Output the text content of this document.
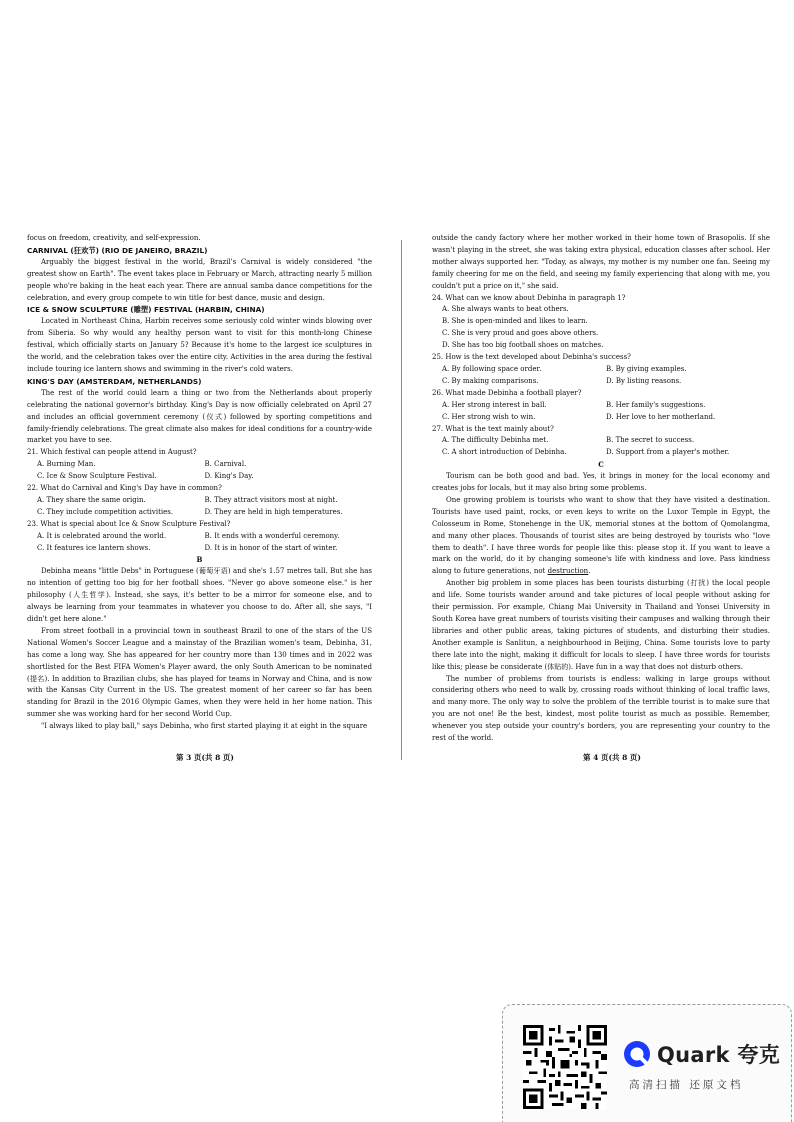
focus on freedom, creativity, and self-expression.

CARNIVAL (狂欢节) (RIO DE JANEIRO, BRAZIL)

Arguably the biggest festival in the world, Brazil's Carnival is widely considered "the greatest show on Earth". The event takes place in February or March, attracting nearly 5 million people who're baking in the heat each year. There are annual samba dance competitions for the celebration, and every group compete to win title for best dance, music and design.

ICE & SNOW SCULPTURE (雕塑) FESTIVAL (HARBIN, CHINA)

Located in Northeast China, Harbin receives some seriously cold winter winds blowing over from Siberia. So why would any healthy person want to visit for this month-long Chinese festival, which officially starts on January 5? Because it's home to the largest ice sculptures in the world, and the celebration takes over the entire city. Activities in the area during the festival include touring ice lantern shows and swimming in the river's cold waters.

KING'S DAY (AMSTERDAM, NETHERLANDS)

The rest of the world could learn a thing or two from the Netherlands about properly celebrating the national governor's birthday. King's Day is now officially celebrated on April 27 and includes an official government ceremony (仪式) followed by sporting competitions and family-friendly celebrations. The great climate also makes for ideal conditions for a country-wide market you have to see.

21. Which festival can people attend in August?

A. Burning Man.	B. Carnival.
C. Ice & Snow Sculpture Festival.	D. King's Day.

22. What do Carnival and King's Day have in common?

A. They share the same origin.	B. They attract visitors most at night.
C. They include competition activities.	D. They are held in high temperatures.

23. What is special about Ice & Snow Sculpture Festival?

A. It is celebrated around the world.	B. It ends with a wonderful ceremony.
C. It features ice lantern shows.	D. It is in honor of the start of winter.

B

Debinha means "little Debs" in Portuguese (葡萄牙语) and she's 1.57 metres tall. But she has no intention of getting too big for her football shoes. "Never go above someone else." is her philosophy (人生哲学). Instead, she says, it's better to be a mirror for someone else, and to always be learning from your teammates in whatever you choose to do. After all, she says, "I didn't get here alone."

From street football in a provincial town in southeast Brazil to one of the stars of the US National Women's Soccer League and a mainstay of the Brazilian women's team, Debinha, 31, has come a long way. She has appeared for her country more than 130 times and in 2022 was shortlisted for the Best FIFA Women's Player award, the only South American to be nominated (提名). In addition to Brazilian clubs, she has played for teams in Norway and China, and is now with the Kansas City Current in the US. The greatest moment of her career so far has been standing for Brazil in the 2016 Olympic Games, when they were held in her home nation. This summer she was working hard for her second World Cup.

"I always liked to play ball," says Debinha, who first started playing it at eight in the square

第 3 页(共 8 页)

outside the candy factory where her mother worked in their home town of Brasopolis. If she wasn't playing in the street, she was taking extra physical, education classes after school. Her mother always supported her. "Today, as always, my mother is my number one fan. Seeing my family cheering for me on the field, and seeing my family experiencing that along with me, you couldn't put a price on it," she said.

24. What can we know about Debinha in paragraph 1?

A. She always wants to beat others.
B. She is open-minded and likes to learn.
C. She is very proud and goes above others.
D. She has too big football shoes on matches.

25. How is the text developed about Debinha's success?

A. By following space order.	B. By giving examples.
C. By making comparisons.	D. By listing reasons.

26. What made Debinha a football player?

A. Her strong interest in ball.	B. Her family's suggestions.
C. Her strong wish to win.	D. Her love to her motherland.

27. What is the text mainly about?

A. The difficulty Debinha met.	B. The secret to success.
C. A short introduction of Debinha.	D. Support from a player's mother.

C

Tourism can be both good and bad. Yes, it brings in money for the local economy and creates jobs for locals, but it may also bring some problems.

One growing problem is tourists who want to show that they have visited a destination. Tourists have used paint, rocks, or even keys to write on the Luxor Temple in Egypt, the Colosseum in Rome, Stonehenge in the UK, memorial stones at the bottom of Qomolangma, and many other places. Thousands of tourist sites are being destroyed by tourists who "love them to death". I have three words for people like this: please stop it. If you want to leave a mark on the world, do it by changing someone's life with kindness and love. Pass kindness along to future generations, not destruction.

Another big problem in some places has been tourists disturbing (打扰) the local people and life. Some tourists wander around and take pictures of local people without asking for their permission. For example, Chiang Mai University in Thailand and Yonsei University in South Korea have great numbers of tourists visiting their campuses and walking through their libraries and other public areas, taking pictures of students, and disturbing their studies. Another example is Sanlitun, a neighbourhood in Beijing, China. Some tourists love to party there late into the night, making it difficult for locals to sleep. I have three words for tourists like this; please be considerate (体贴的). Have fun in a way that does not disturb others.

The number of problems from tourists is endless: walking in large groups without considering others who need to walk by, crossing roads without thinking of local traffic laws, and many more. The only way to solve the problem of the terrible tourist is to make sure that you are not one! Be the best, kindest, most polite tourist as much as possible. Remember, whenever you step outside your country's borders, you are representing your country to the rest of the world.

第 4 页(共 8 页)
Quark 夸克
高清扫描 还原文档
